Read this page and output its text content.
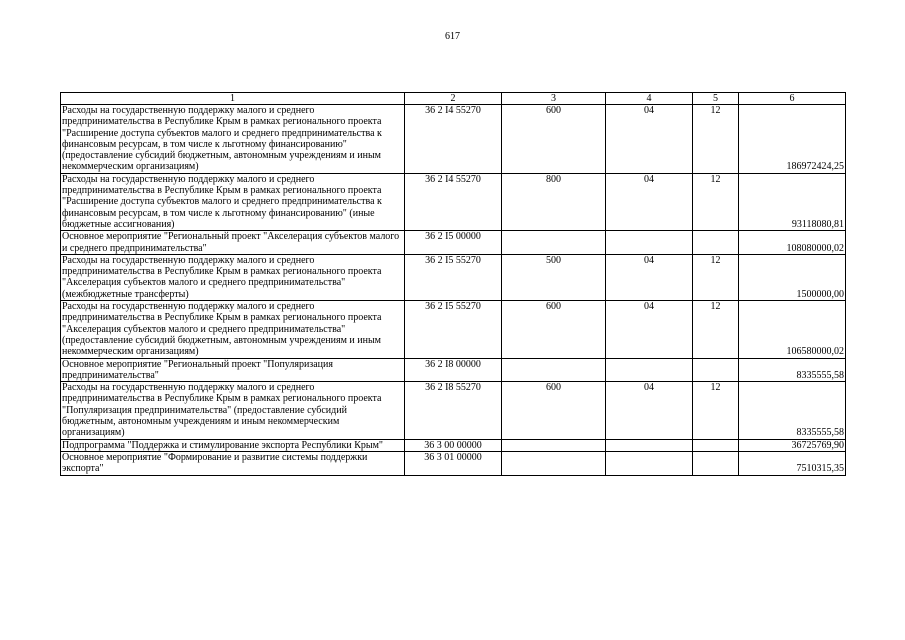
617
1	2	3	4	5	6
Расходы на государственную поддержку малого и среднего предпринимательства в Республике Крым в рамках регионального проекта "Расширение доступа субъектов малого и среднего предпринимательства к финансовым ресурсам, в том числе к льготному финансированию" (предоставление субсидий бюджетным, автономным учреждениям и иным некоммерческим организациям)	36 2 I4 55270	600	04	12	186972424,25
Расходы на государственную поддержку малого и среднего предпринимательства в Республике Крым в рамках регионального проекта "Расширение доступа субъектов малого и среднего предпринимательства к финансовым ресурсам, в том числе к льготному финансированию" (иные бюджетные ассигнования)	36 2 I4 55270	800	04	12	93118080,81
Основное мероприятие "Региональный проект "Акселерация субъектов малого и среднего предпринимательства"	36 2 I5 00000				108080000,02
Расходы на государственную поддержку малого и среднего предпринимательства в Республике Крым в рамках регионального проекта "Акселерация субъектов малого и среднего предпринимательства" (межбюджетные трансферты)	36 2 I5 55270	500	04	12	1500000,00
Расходы на государственную поддержку малого и среднего предпринимательства в Республике Крым в рамках регионального проекта "Акселерация субъектов малого и среднего предпринимательства" (предоставление субсидий бюджетным, автономным учреждениям и иным некоммерческим организациям)	36 2 I5 55270	600	04	12	106580000,02
Основное мероприятие "Региональный проект "Популяризация предпринимательства"	36 2 I8 00000				8335555,58
Расходы на государственную поддержку малого и среднего предпринимательства в Республике Крым в рамках регионального проекта "Популяризация предпринимательства" (предоставление субсидий бюджетным, автономным учреждениям и иным некоммерческим организациям)	36 2 I8 55270	600	04	12	8335555,58
Подпрограмма "Поддержка и стимулирование экспорта Республики Крым"	36 3 00 00000				36725769,90
Основное мероприятие "Формирование и развитие системы поддержки экспорта"	36 3 01 00000				7510315,35
